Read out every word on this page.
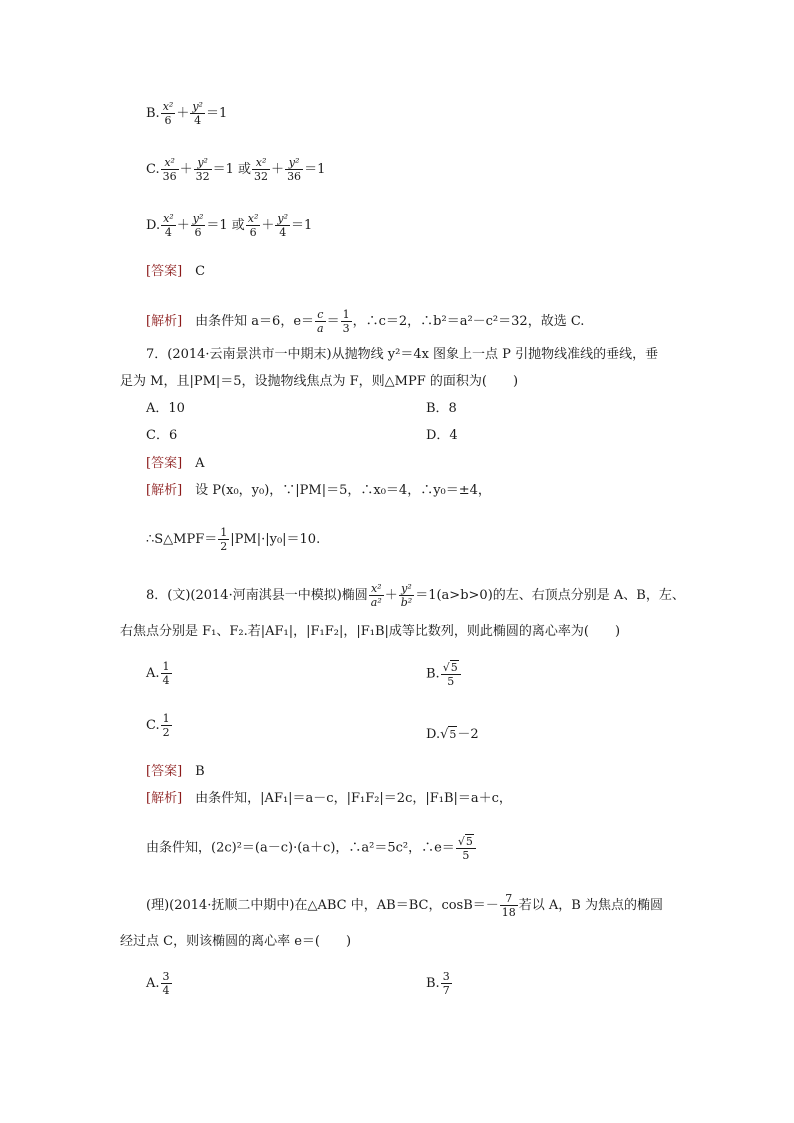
B. $\frac{\text{x²}}{6} + \frac{\text{y²}}{4} =1$
C. $\frac{\text{x²}}{36} + \frac{\text{y²}}{32} =1$ 或 $\frac{\text{x²}}{32} + \frac{\text{y²}}{36} =1$
D. $\frac{\text{x²}}{4} + \frac{\text{y²}}{6} =1$ 或 $\frac{\text{x²}}{6} + \frac{\text{y²}}{4} =1$
[答案]　 C
[解析]　 由条件知 a＝6，$e= \frac{c}{a} = \frac{1}{3}$ ，∴c＝2，∴b²＝a²－c²＝32，故选 C.
7．(2014·云南景洪市一中期末)从抛物线 y²＝4x 图象上一点 P 引抛物线准线的垂线，垂
足为 M，且|PM|＝5，设抛物线焦点为 F，则△MPF 的面积为(　　)
A．10	B．8
C．6	D．4
[答案]　 A
[解析]　 设 P(x₀，y₀)，∵|PM|＝5，∴x₀＝4，∴y₀＝±4，
∴S△MPF＝ $\frac{1}{2} |PM|\cdot|y_0|=10$.
8．(文)(2014·河南淇县一中模拟)椭圆 $\frac{\text{x²}}{\text{a²}} + \frac{\text{y²}}{\text{b²}} =1(a>b>0)$的左、右顶点分别是 A、B，左、
右焦点分别是 F₁、F₂.若|AF₁|，|F₁F₂|，|F₁B|成等比数列，则此椭圆的离心率为(　　)
A. $\frac{1}{4}$	B. $\frac{√5}{5}$
C. $\frac{1}{2}$	D.√5－2
[答案]　 B
[解析]　 由条件知，|AF₁|＝a－c，|F₁F₂|＝2c，|F₁B|＝a＋c，
由条件知，(2c)²＝(a－c)·(a＋c)，∴a²＝5c²，∴e＝ $\frac{√5}{5}$
(理)(2014·抚顺二中期中)在△ABC 中，AB＝BC，$\cos B=- \frac{7}{18}$ 若以 A，B 为焦点的椭圆
经过点 C，则该椭圆的离心率 e＝(　　)
A. $\frac{3}{4}$	B. $\frac{3}{7}$
